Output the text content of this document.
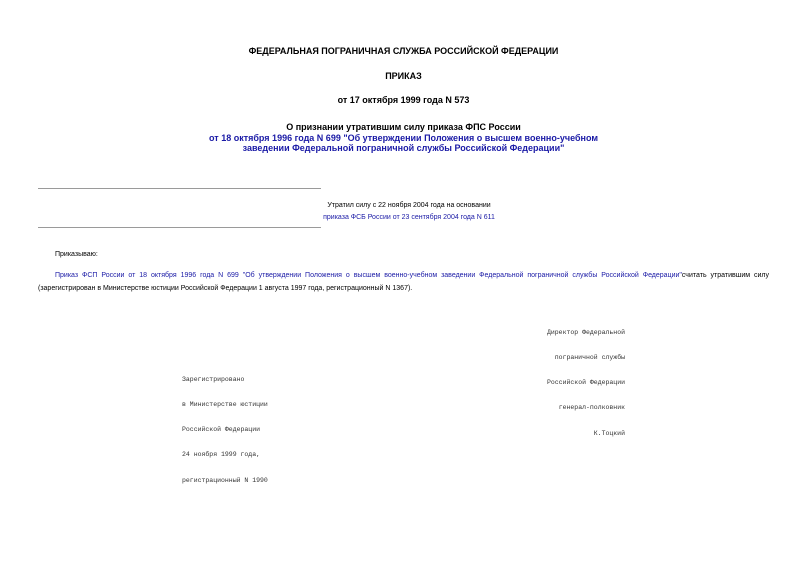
ФЕДЕРАЛЬНАЯ ПОГРАНИЧНАЯ СЛУЖБА РОССИЙСКОЙ ФЕДЕРАЦИИ
ПРИКАЗ
от 17 октября 1999 года N 573
О признании утратившим силу приказа ФПС России
от 18 октября 1996 года N 699 "Об утверждении Положения о высшем военно-учебном заведении Федеральной пограничной службы Российской Федерации"
Утратил силу с 22 ноября 2004 года на основании
приказа ФСБ России от 23 сентября 2004 года N 611
Приказываю:
Приказ ФСП России от 18 октября 1996 года N 699 "Об утверждении Положения о высшем военно-учебном заведении Федеральной пограничной службы Российской Федерации"считать утратившим силу (зарегистрирован в Министерстве юстиции Российской Федерации 1 августа 1997 года, регистрационный N 1367).

Директор Федеральной

пограничной службы

Российской Федерации

генерал-полковник

К.Тоцкий

Зарегистрировано

в Министерстве юстиции

Российской Федерации

24 ноября 1999 года,

регистрационный N 1990
